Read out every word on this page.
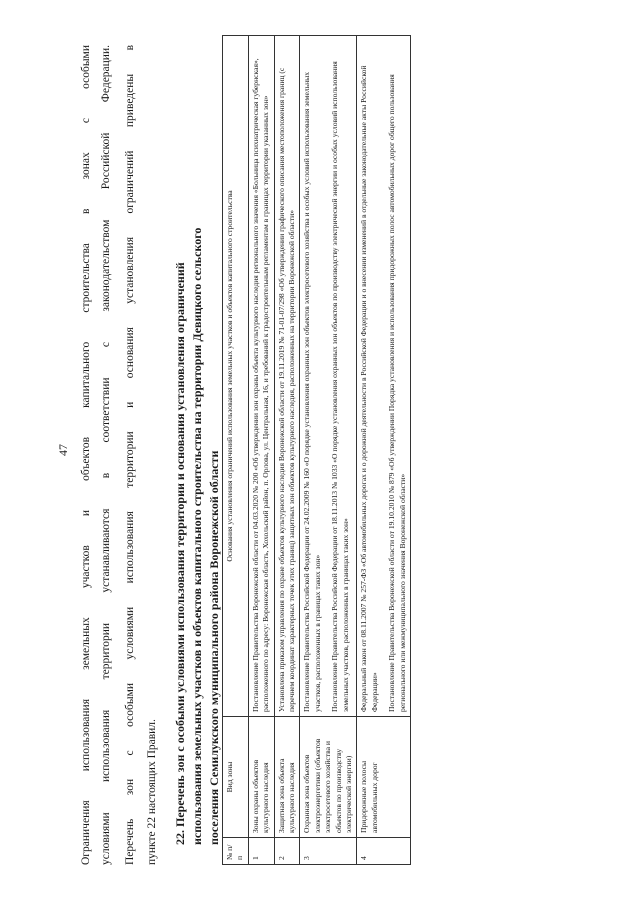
47 Ограничения использования земельных участков и объектов капитального строительства в зонах с особыми условиями использования территории устанавливаются в соответствии с законодательством Российской Федерации. Перечень зон с особыми условиями использования территории и основания установления ограничений приведены в пункте 22 настоящих Правил. 22. Перечень зон с особыми условиями использования территории и основания установления ограничений использования земельных участков и объектов капитального строительства на территории Девицкого сельского поселения Семилукского муниципального района Воронежской области
№ п/п	Вид зоны	Основания установления ограничений использования земельных участков и объектов капитального строительства
1	Зоны охраны объектов культурного наследия	Постановление Правительства Воронежской области от 04.03.2020 № 200 «Об утверждении зон охраны объекта культурного наследия регионального значения «Больница психиатрическая губернская», расположенного по адресу: Воронежская область, Хохольский район, п. Орлова, ул. Центральная, 16, и требований к градостроительным регламентам в границах территории указанных зон»
2	Защитная зона объекта культурного наследия	Установлена приказом управления по охране объектов культурного наследия Воронежской области от 19.11.2019 № 71-01-07/298 «Об утверждении графического описания местоположения границ (с перечнем координат характерных точек этих границ) защитных зон объектов культурного наследия, расположенных на территории Воронежской области»
3	Охранная зона объектов электроэнергетики (объектов электросетевого хозяйства и объектов по производству электрической энергии)	Постановление Правительства Российской Федерации от 24.02.2009 № 160 «О порядке установления охранных зон объектов электросетевого хозяйства и особых условий использования земельных участков, расположенных в границах таких зон» Постановление Правительства Российской Федерации от 18.11.2013 № 1033 «О порядке установления охранных зон объектов по производству электрической энергии и особых условий использования земельных участков, расположенных в границах таких зон»

4	Придорожные полосы автомобильных дорог	Федеральный закон от 08.11.2007 № 257-ФЗ «Об автомобильных дорогах и о дорожной деятельности в Российской Федерации и о внесении изменений в отдельные законодательные акты Российской Федерации» Постановление Правительства Воронежской области от 19.10.2010 № 879 «Об утверждении Порядка установления и использования придорожных полос автомобильных дорог общего пользования регионального или межмуниципального значения Воронежской области»
